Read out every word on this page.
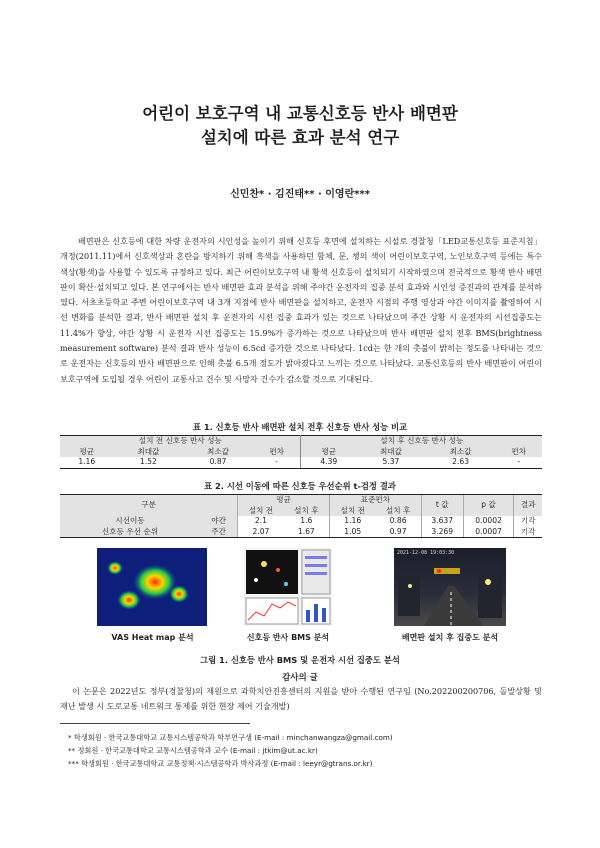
어린이 보호구역 내 교통신호등 반사 배면판
설치에 따른 효과 분석 연구
신민찬* · 김진태** · 이영란***
배면판은 신호등에 대한 차량 운전자의 시인성을 높이기 위해 신호등 후면에 설치하는 시설로 경찰청「LED교통신호등 표준지침」개정(2011.11)에서 신호색상과 혼란을 방지하기 위해 흑색을 사용하던 함체, 문, 챙의 색이 어린이보호구역, 노인보호구역 등에는 특수색상(황색)을 사용할 수 있도록 규정하고 있다. 최근 어린이보호구역 내 황색 신호등이 설치되기 시작하였으며 전국적으로 황색 반사 배면판이 확산·설치되고 있다. 본 연구에서는 반사 배면판 효과 분석을 위해 주야간 운전자의 집중 분석 효과와 시인성 증진과의 관계를 분석하였다. 서초초등학교 주변 어린이보호구역 내 3개 지점에 반사 배면판을 설치하고, 운전자 시점의 주행 영상과 야간 이미지를 촬영하여 시선 변화를 분석한 결과, 반사 배면판 설치 후 운전자의 시선 집중 효과가 있는 것으로 나타났으며 주간 상황 시 운전자의 시선집중도는 11.4%가 향상, 야간 상황 시 운전자 시선 집중도는 15.9%가 증가하는 것으로 나타났으며 반사 배면판 설치 전후 BMS(brightness measurement software) 분석 결과 반사 성능이 6.5cd 증가한 것으로 나타났다. 1cd는 한 개의 촛불이 밝히는 정도를 나타내는 것으로 운전자는 신호등의 반사 배면판으로 인해 촛불 6.5개 정도가 밝아졌다고 느끼는 것으로 나타났다. 교통신호등의 반사 배면판이 어린이보호구역에 도입될 경우 어린이 교통사고 건수 및 사망자 건수가 감소할 것으로 기대된다.
표 1. 신호등 반사 배면판 설치 전후 신호등 반사 성능 비교
설치 전 신호등 반사 성능				설치 후 신호등 반사 성능			
평균	최대값	최소값	편차	평균	최대값	최소값	편차
1.16	1.52	0.87	-	4.39	5.37	2.63	-
표 2. 시선 이동에 따른 신호등 우선순위 t-검정 결과
구분		평균		표준편차		t 값	p 값	결과
		설치 전	설치 후	설치 전	설치 후			
시선이동	야간	2.1	1.6	1.16	0.86	3.637	0.0002	기각
신호등 우선 순위	주간	2.07	1.67	1.05	0.97	3.269	0.0007	기각
VAS Heat map 분석	신호등 반사 BMS 분석
2021-12-08 19:03:30
배면판 설치 후 집중도 분석
그림 1. 신호등 반사 BMS 및 운전자 시선 집중도 분석
감사의 글
이 논문은 2022년도 정부(경찰청)의 재원으로 과학치안진흥센터의 지원을 받아 수행된 연구임 (No.202200200706, 돌발상황 및 재난 발생 시 도로교통 네트워크 통제를 위한 현장 제어 기술개발)
* 학생회원 · 한국교통대학교 교통시스템공학과 학부연구생 (E-mail : minchanwangza@gmail.com)
** 정회원 · 한국교통대학교 교통시스템공학과 교수 (E-mail : jtkim@ut.ac.kr)
*** 학생회원 · 한국교통대학교 교통정책·시스템공학과 박사과정 (E-mail : leeyr@gtrans.or.kr)
